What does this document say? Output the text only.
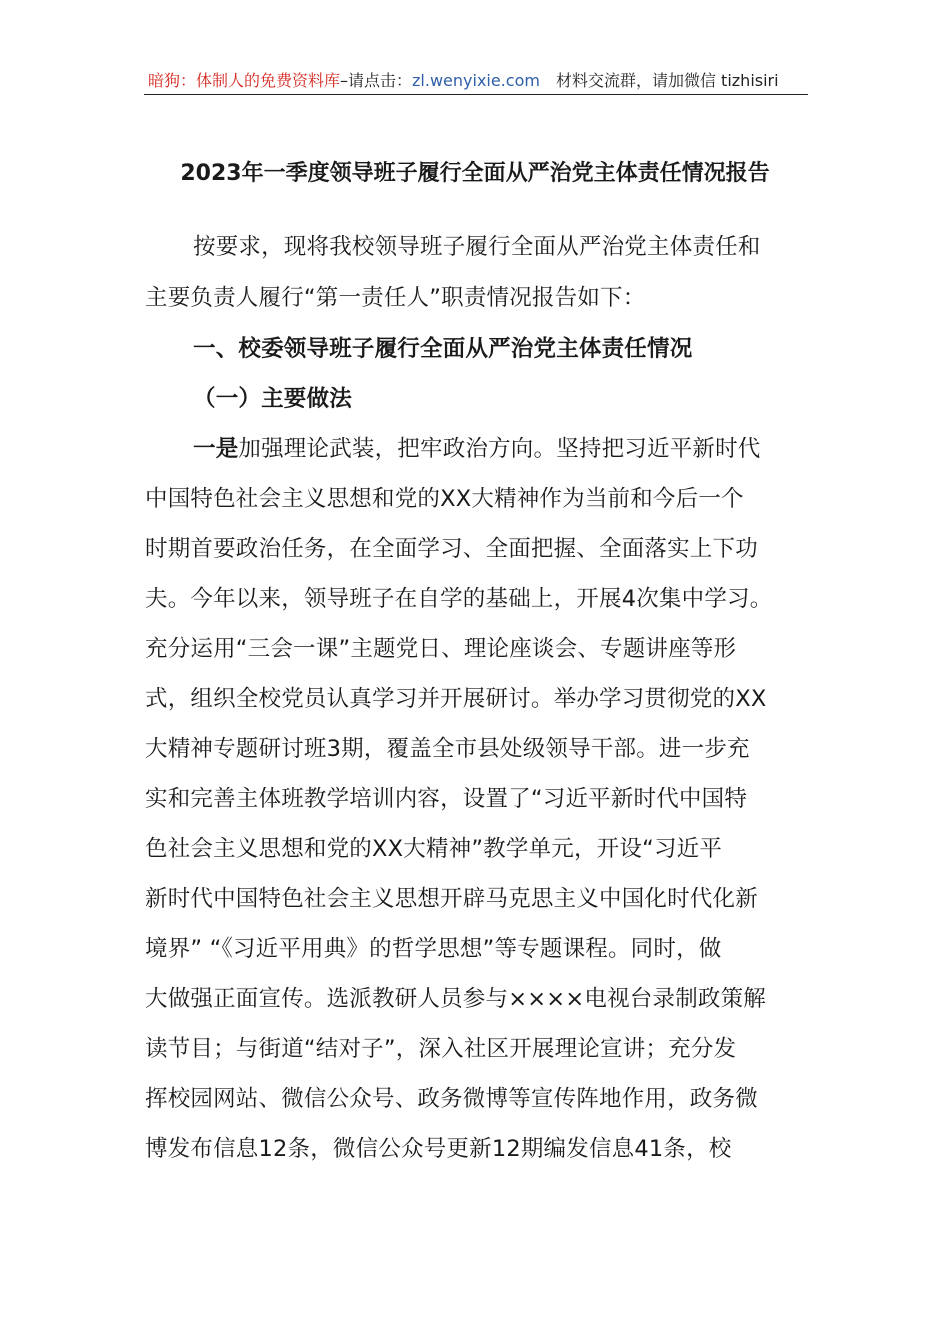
暗狗：体制人的免费资料库–请点击：zl.wenyixie.com 材料交流群，请加微信 tizhisiri
2023年一季度领导班子履行全面从严治党主体责任情况报告
按要求，现将我校领导班子履行全面从严治党主体责任和
主要负责人履行“第一责任人”职责情况报告如下：
一、校委领导班子履行全面从严治党主体责任情况
（一）主要做法
一是加强理论武装，把牢政治方向。坚持把习近平新时代
中国特色社会主义思想和党的XX大精神作为当前和今后一个
时期首要政治任务，在全面学习、全面把握、全面落实上下功
夫。今年以来，领导班子在自学的基础上，开展4次集中学习。
充分运用“三会一课”主题党日、理论座谈会、专题讲座等形
式，组织全校党员认真学习并开展研讨。举办学习贯彻党的XX
大精神专题研讨班3期，覆盖全市县处级领导干部。进一步充
实和完善主体班教学培训内容，设置了“习近平新时代中国特
色社会主义思想和党的XX大精神”教学单元，开设“习近平
新时代中国特色社会主义思想开辟马克思主义中国化时代化新
境界” “《习近平用典》的哲学思想”等专题课程。同时，做
大做强正面宣传。选派教研人员参与××××电视台录制政策解
读节目；与街道“结对子”，深入社区开展理论宣讲；充分发
挥校园网站、微信公众号、政务微博等宣传阵地作用，政务微
博发布信息12条，微信公众号更新12期编发信息41条，校
